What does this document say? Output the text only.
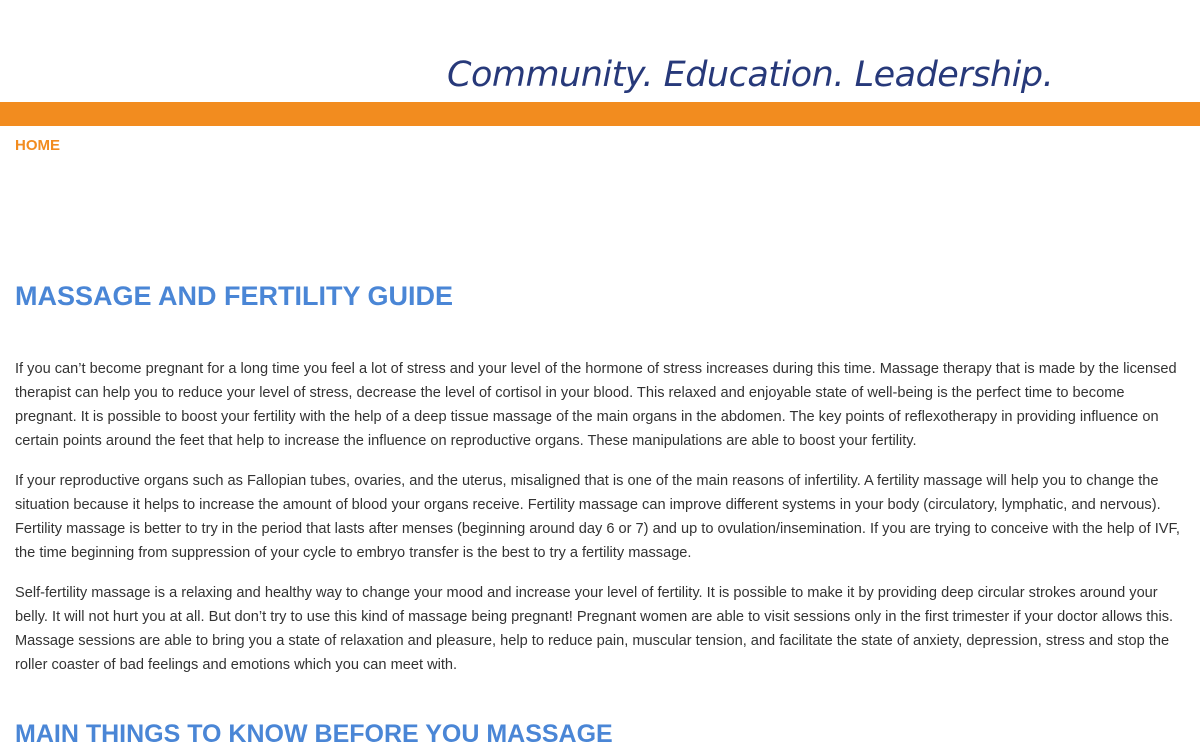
Community. Education. Leadership.

HOME
MASSAGE AND FERTILITY GUIDE

If you can’t become pregnant for a long time you feel a lot of stress and your level of the hormone of stress increases during this time. Massage therapy that is made by the licensed therapist can help you to reduce your level of stress, decrease the level of cortisol in your blood. This relaxed and enjoyable state of well-being is the perfect time to become pregnant. It is possible to boost your fertility with the help of a deep tissue massage of the main organs in the abdomen. The key points of reflexotherapy in providing influence on certain points around the feet that help to increase the influence on reproductive organs. These manipulations are able to boost your fertility.

If your reproductive organs such as Fallopian tubes, ovaries, and the uterus, misaligned that is one of the main reasons of infertility. A fertility massage will help you to change the situation because it helps to increase the amount of blood your organs receive. Fertility massage can improve different systems in your body (circulatory, lymphatic, and nervous). Fertility massage is better to try in the period that lasts after menses (beginning around day 6 or 7) and up to ovulation/insemination. If you are trying to conceive with the help of IVF, the time beginning from suppression of your cycle to embryo transfer is the best to try a fertility massage.

Self-fertility massage is a relaxing and healthy way to change your mood and increase your level of fertility. It is possible to make it by providing deep circular strokes around your belly. It will not hurt you at all. But don’t try to use this kind of massage being pregnant! Pregnant women are able to visit sessions only in the first trimester if your doctor allows this. Massage sessions are able to bring you a state of relaxation and pleasure, help to reduce pain, muscular tension, and facilitate the state of anxiety, depression, stress and stop the roller coaster of bad feelings and emotions which you can meet with.

MAIN THINGS TO KNOW BEFORE YOU MASSAGE
